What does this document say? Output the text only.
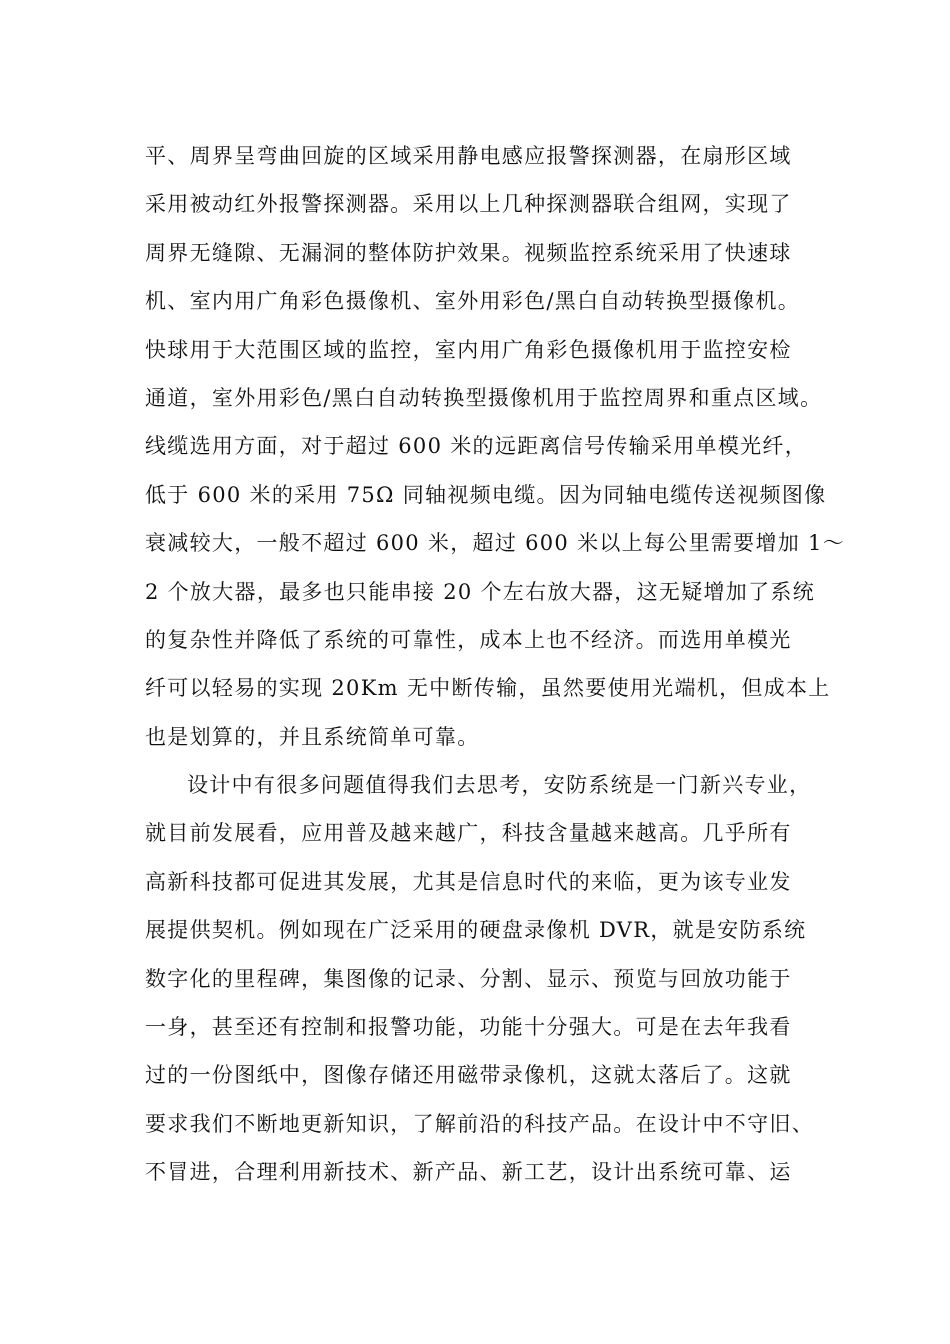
平、周界呈弯曲回旋的区域采用静电感应报警探测器，在扇形区域
采用被动红外报警探测器。采用以上几种探测器联合组网，实现了
周界无缝隙、无漏洞的整体防护效果。视频监控系统采用了快速球
机、室内用广角彩色摄像机、室外用彩色/黑白自动转换型摄像机。
快球用于大范围区域的监控，室内用广角彩色摄像机用于监控安检
通道，室外用彩色/黑白自动转换型摄像机用于监控周界和重点区域。
线缆选用方面，对于超过 600 米的远距离信号传输采用单模光纤，
低于 600 米的采用 75Ω 同轴视频电缆。因为同轴电缆传送视频图像
衰减较大，一般不超过 600 米，超过 600 米以上每公里需要增加 1～
2 个放大器，最多也只能串接 20 个左右放大器，这无疑增加了系统
的复杂性并降低了系统的可靠性，成本上也不经济。而选用单模光
纤可以轻易的实现 20Km 无中断传输，虽然要使用光端机，但成本上
也是划算的，并且系统简单可靠。
设计中有很多问题值得我们去思考，安防系统是一门新兴专业，
就目前发展看，应用普及越来越广，科技含量越来越高。几乎所有
高新科技都可促进其发展，尤其是信息时代的来临，更为该专业发
展提供契机。例如现在广泛采用的硬盘录像机 DVR，就是安防系统
数字化的里程碑，集图像的记录、分割、显示、预览与回放功能于
一身，甚至还有控制和报警功能，功能十分强大。可是在去年我看
过的一份图纸中，图像存储还用磁带录像机，这就太落后了。这就
要求我们不断地更新知识，了解前沿的科技产品。在设计中不守旧、
不冒进，合理利用新技术、新产品、新工艺，设计出系统可靠、运
